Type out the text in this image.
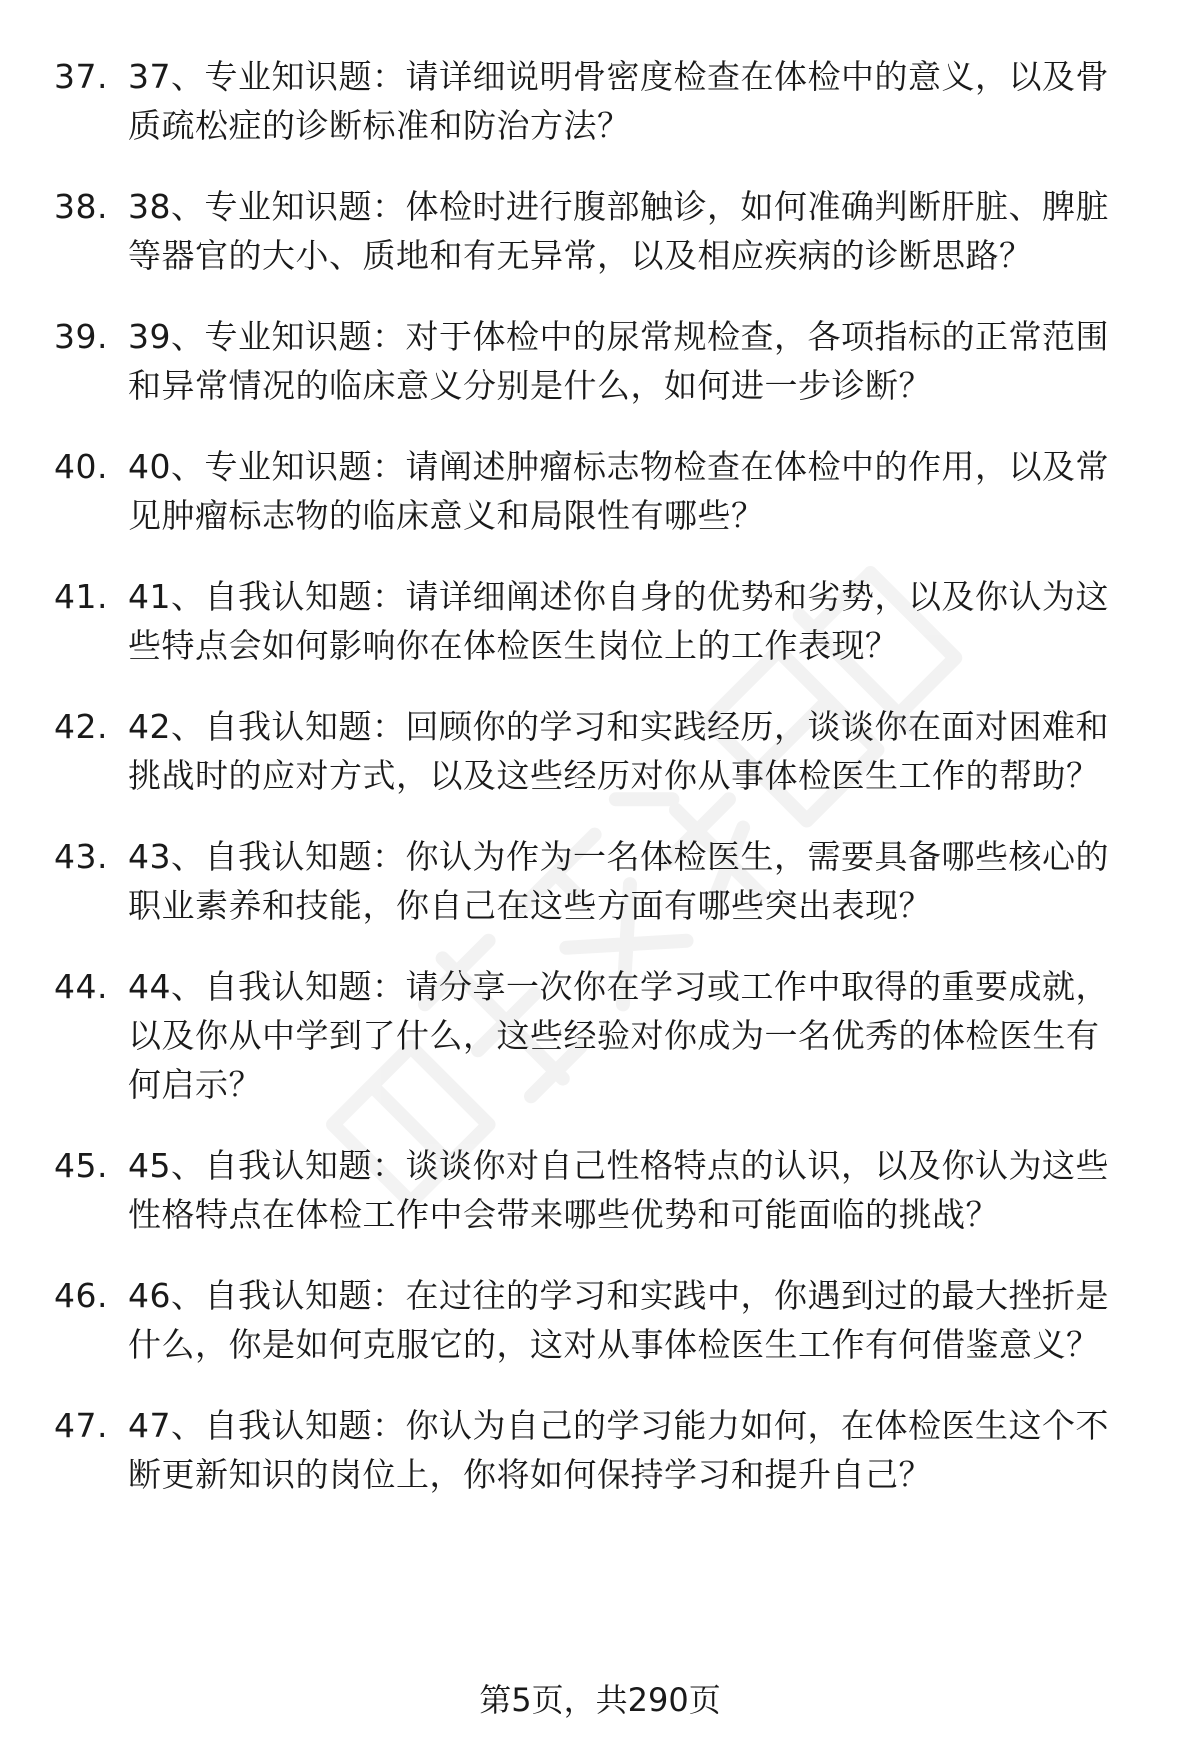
37. 37、专业知识题：请详细说明骨密度检查在体检中的意义，以及骨质疏松症的诊断标准和防治方法？
38. 38、专业知识题：体检时进行腹部触诊，如何准确判断肝脏、脾脏等器官的大小、质地和有无异常，以及相应疾病的诊断思路？
39. 39、专业知识题：对于体检中的尿常规检查，各项指标的正常范围和异常情况的临床意义分别是什么，如何进一步诊断？
40. 40、专业知识题：请阐述肿瘤标志物检查在体检中的作用，以及常见肿瘤标志物的临床意义和局限性有哪些？
41. 41、自我认知题：请详细阐述你自身的优势和劣势，以及你认为这些特点会如何影响你在体检医生岗位上的工作表现？
42. 42、自我认知题：回顾你的学习和实践经历，谈谈你在面对困难和挑战时的应对方式，以及这些经历对你从事体检医生工作的帮助？
43. 43、自我认知题：你认为作为一名体检医生，需要具备哪些核心的职业素养和技能，你自己在这些方面有哪些突出表现？
44. 44、自我认知题：请分享一次你在学习或工作中取得的重要成就，以及你从中学到了什么，这些经验对你成为一名优秀的体检医生有何启示？
45. 45、自我认知题：谈谈你对自己性格特点的认识，以及你认为这些性格特点在体检工作中会带来哪些优势和可能面临的挑战？
46. 46、自我认知题：在过往的学习和实践中，你遇到过的最大挫折是什么，你是如何克服它的，这对从事体检医生工作有何借鉴意义？
47. 47、自我认知题：你认为自己的学习能力如何，在体检医生这个不断更新知识的岗位上，你将如何保持学习和提升自己？
第5页，共290页
